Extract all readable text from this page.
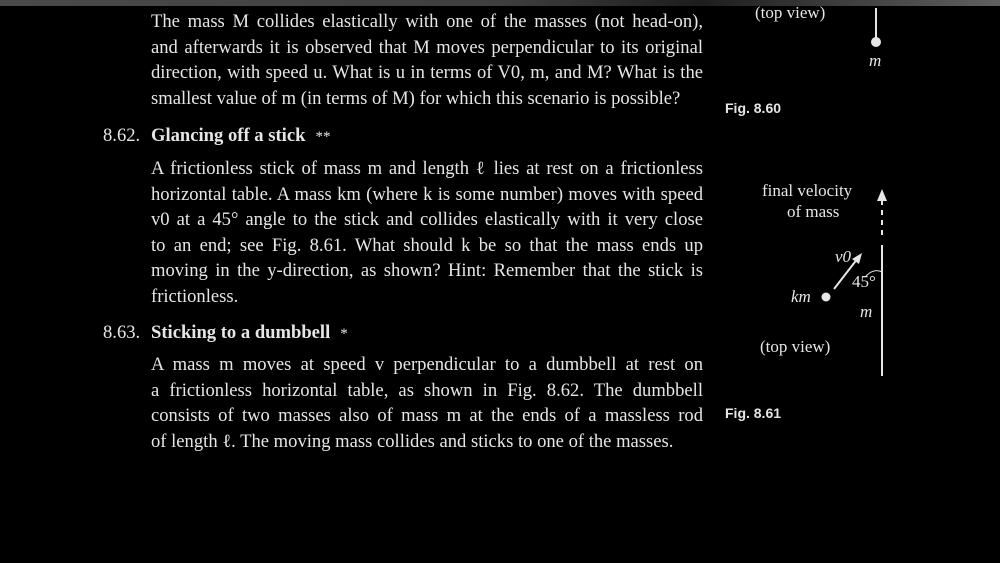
The mass M collides elastically with one of the masses (not head-on),
and afterwards it is observed that M moves perpendicular to its original
direction, with speed u. What is u in terms of V0, m, and M? What is the
smallest value of m (in terms of M) for which this scenario is possible?
8.62. Glancing off a stick **
A frictionless stick of mass m and length ℓ lies at rest on a frictionless
horizontal table. A mass km (where k is some number) moves with speed
v0 at a 45° angle to the stick and collides elastically with it very close
to an end; see Fig. 8.61. What should k be so that the mass ends up
moving in the y-direction, as shown? Hint: Remember that the stick is
frictionless.
8.63. Sticking to a dumbbell *
A mass m moves at speed v perpendicular to a dumbbell at rest on
a frictionless horizontal table, as shown in Fig. 8.62. The dumbbell
consists of two masses also of mass m at the ends of a massless rod
of length ℓ. The moving mass collides and sticks to one of the masses.
(top view)
m
Fig. 8.60
final velocity
of mass
v0
45°
km
m
(top view)
Fig. 8.61
